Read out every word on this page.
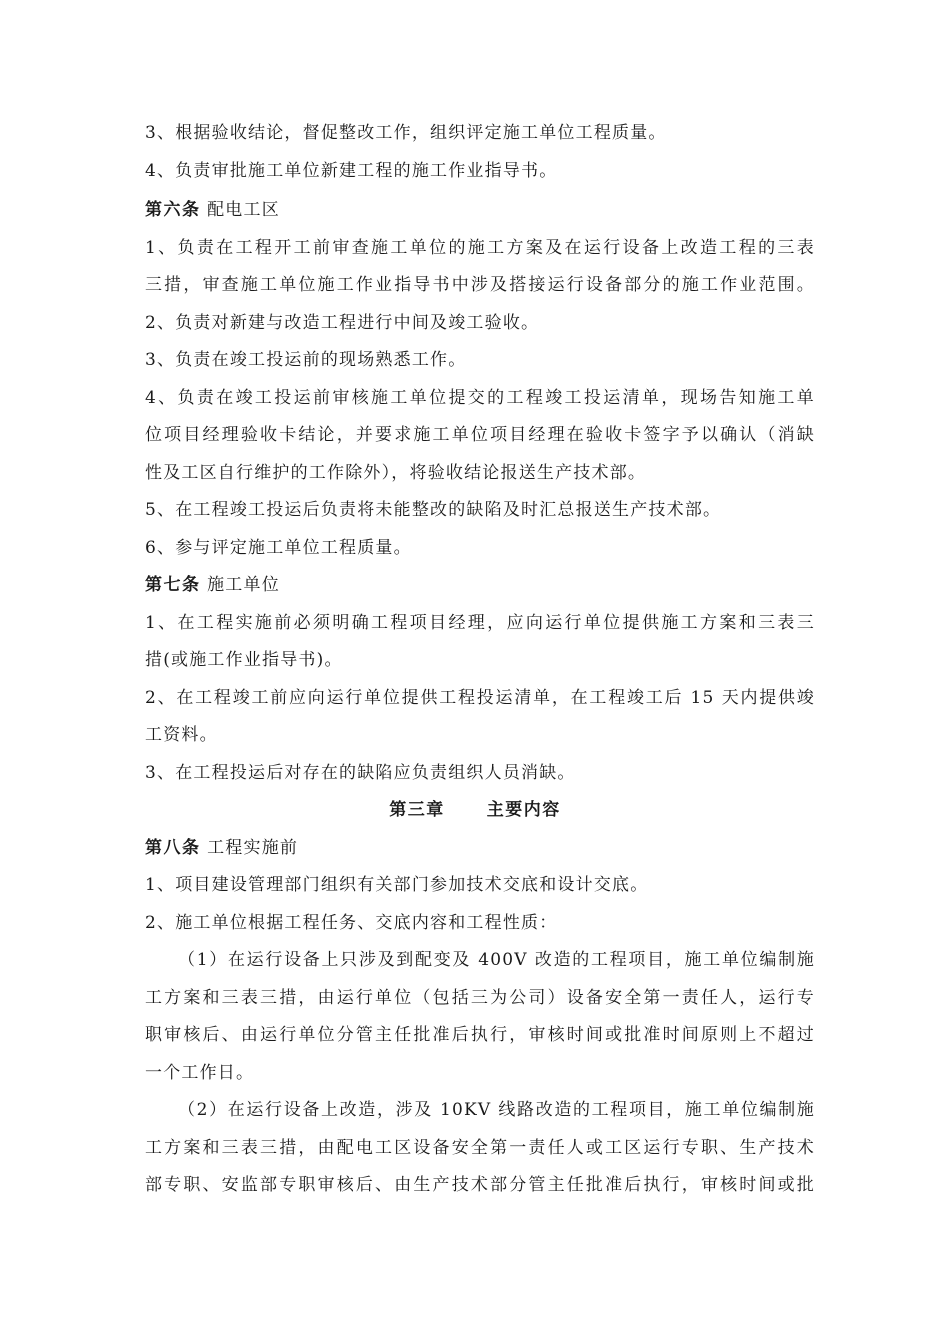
3、根据验收结论，督促整改工作，组织评定施工单位工程质量。
4、负责审批施工单位新建工程的施工作业指导书。
第六条 配电工区
1、负责在工程开工前审查施工单位的施工方案及在运行设备上改造工程的三表
三措，审查施工单位施工作业指导书中涉及搭接运行设备部分的施工作业范围。
2、负责对新建与改造工程进行中间及竣工验收。
3、负责在竣工投运前的现场熟悉工作。
4、负责在竣工投运前审核施工单位提交的工程竣工投运清单，现场告知施工单
位项目经理验收卡结论，并要求施工单位项目经理在验收卡签字予以确认（消缺
性及工区自行维护的工作除外），将验收结论报送生产技术部。
5、在工程竣工投运后负责将未能整改的缺陷及时汇总报送生产技术部。
6、参与评定施工单位工程质量。
第七条 施工单位
1、在工程实施前必须明确工程项目经理，应向运行单位提供施工方案和三表三
措(或施工作业指导书)。
2、在工程竣工前应向运行单位提供工程投运清单，在工程竣工后 15 天内提供竣
工资料。
3、在工程投运后对存在的缺陷应负责组织人员消缺。
第三章 主要内容
第八条 工程实施前
1、项目建设管理部门组织有关部门参加技术交底和设计交底。
2、施工单位根据工程任务、交底内容和工程性质：
（1）在运行设备上只涉及到配变及 400V 改造的工程项目，施工单位编制施
工方案和三表三措，由运行单位（包括三为公司）设备安全第一责任人，运行专
职审核后、由运行单位分管主任批准后执行，审核时间或批准时间原则上不超过
一个工作日。
（2）在运行设备上改造，涉及 10KV 线路改造的工程项目，施工单位编制施
工方案和三表三措，由配电工区设备安全第一责任人或工区运行专职、生产技术
部专职、安监部专职审核后、由生产技术部分管主任批准后执行，审核时间或批
